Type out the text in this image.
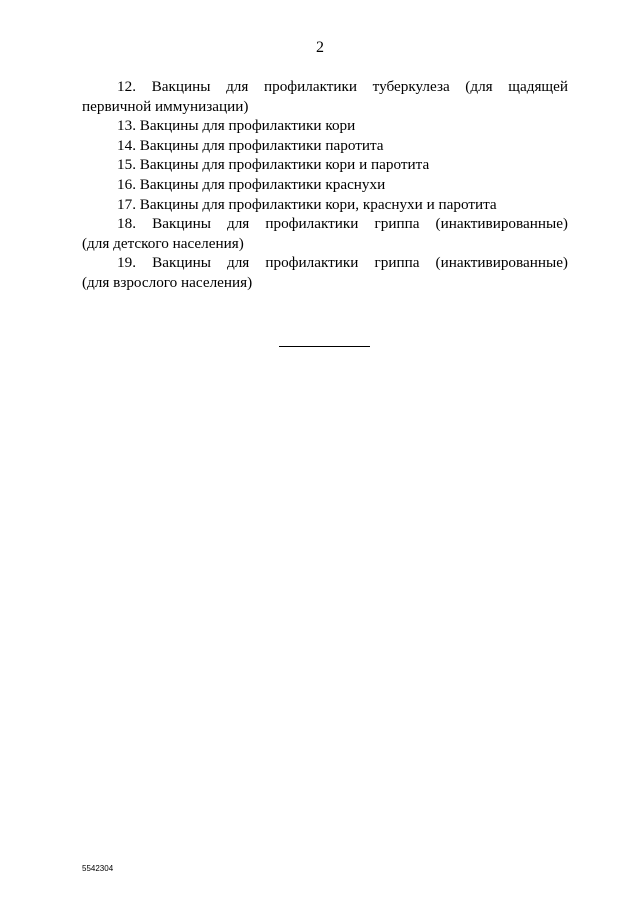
2

12. Вакцины для профилактики туберкулеза (для щадящей

первичной иммунизации)

13. Вакцины для профилактики кори

14. Вакцины для профилактики паротита

15. Вакцины для профилактики кори и паротита

16. Вакцины для профилактики краснухи

17. Вакцины для профилактики кори, краснухи и паротита

18. Вакцины для профилактики гриппа (инактивированные)

(для детского населения)

19. Вакцины для профилактики гриппа (инактивированные)

(для взрослого населения)

5542304
